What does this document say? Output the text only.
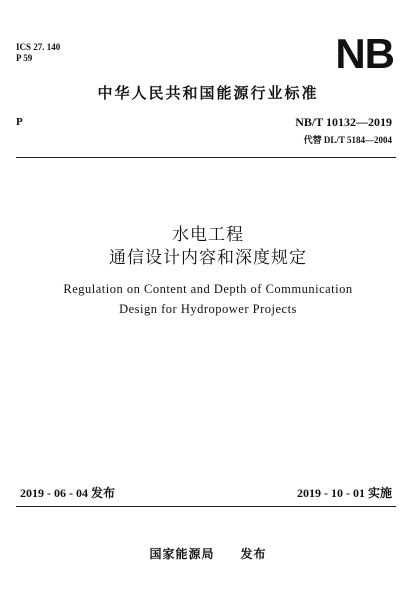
ICS 27. 140
P 59	NB
中华人民共和国能源行业标准
P	NB/T 10132—2019
代替 DL/T 5184—2004
水电工程
通信设计内容和深度规定
Regulation on Content and Depth of Communication
Design for Hydropower Projects
2019 - 06 - 04 发布	2019 - 10 - 01 实施
国家能源局　　发布
